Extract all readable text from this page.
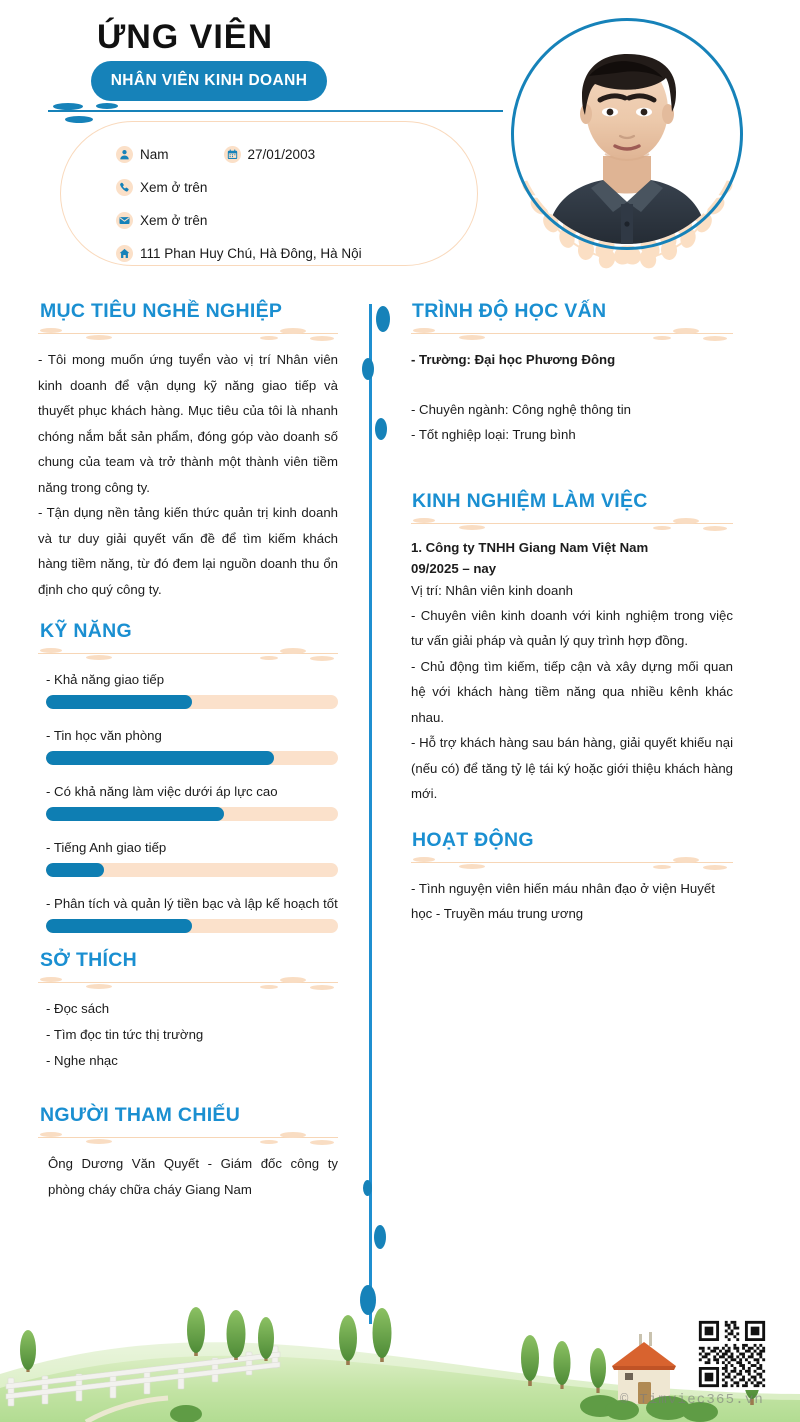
ỨNG VIÊN
NHÂN VIÊN KINH DOANH
Nam	27/01/2003
Xem ở trên
Xem ở trên
111 Phan Huy Chú, Hà Đông, Hà Nội
MỤC TIÊU NGHỀ NGHIỆP

- Tôi mong muốn ứng tuyển vào vị trí Nhân viên kinh doanh để vận dụng kỹ năng giao tiếp và thuyết phục khách hàng. Mục tiêu của tôi là nhanh chóng nắm bắt sản phẩm, đóng góp vào doanh số chung của team và trở thành một thành viên tiềm năng trong công ty.

- Tận dụng nền tảng kiến thức quản trị kinh doanh và tư duy giải quyết vấn đề để tìm kiếm khách hàng tiềm năng, từ đó đem lại nguồn doanh thu ổn định cho quý công ty.

KỸ NĂNG

- Khả năng giao tiếp

- Tin học văn phòng

- Có khả năng làm việc dưới áp lực cao

- Tiếng Anh giao tiếp

- Phân tích và quản lý tiền bạc và lập kế hoạch tốt

SỞ THÍCH

- Đọc sách

- Tìm đọc tin tức thị trường

- Nghe nhạc

NGƯỜI THAM CHIẾU

Ông Dương Văn Quyết - Giám đốc công ty phòng cháy chữa cháy Giang Nam

TRÌNH ĐỘ HỌC VẤN

- Trường: Đại học Phương Đông

- Chuyên ngành: Công nghệ thông tin

- Tốt nghiệp loại: Trung bình

KINH NGHIỆM LÀM VIỆC

1. Công ty TNHH Giang Nam Việt Nam

09/2025 – nay

Vị trí: Nhân viên kinh doanh

- Chuyên viên kinh doanh với kinh nghiệm trong việc tư vấn giải pháp và quản lý quy trình hợp đồng.

- Chủ động tìm kiếm, tiếp cận và xây dựng mối quan hệ với khách hàng tiềm năng qua nhiều kênh khác nhau.

- Hỗ trợ khách hàng sau bán hàng, giải quyết khiếu nại (nếu có) để tăng tỷ lệ tái ký hoặc giới thiệu khách hàng mới.

HOẠT ĐỘNG

- Tình nguyện viên hiến máu nhân đạo ở viện Huyết học - Truyền máu trung ương

© Timviec365.vn
